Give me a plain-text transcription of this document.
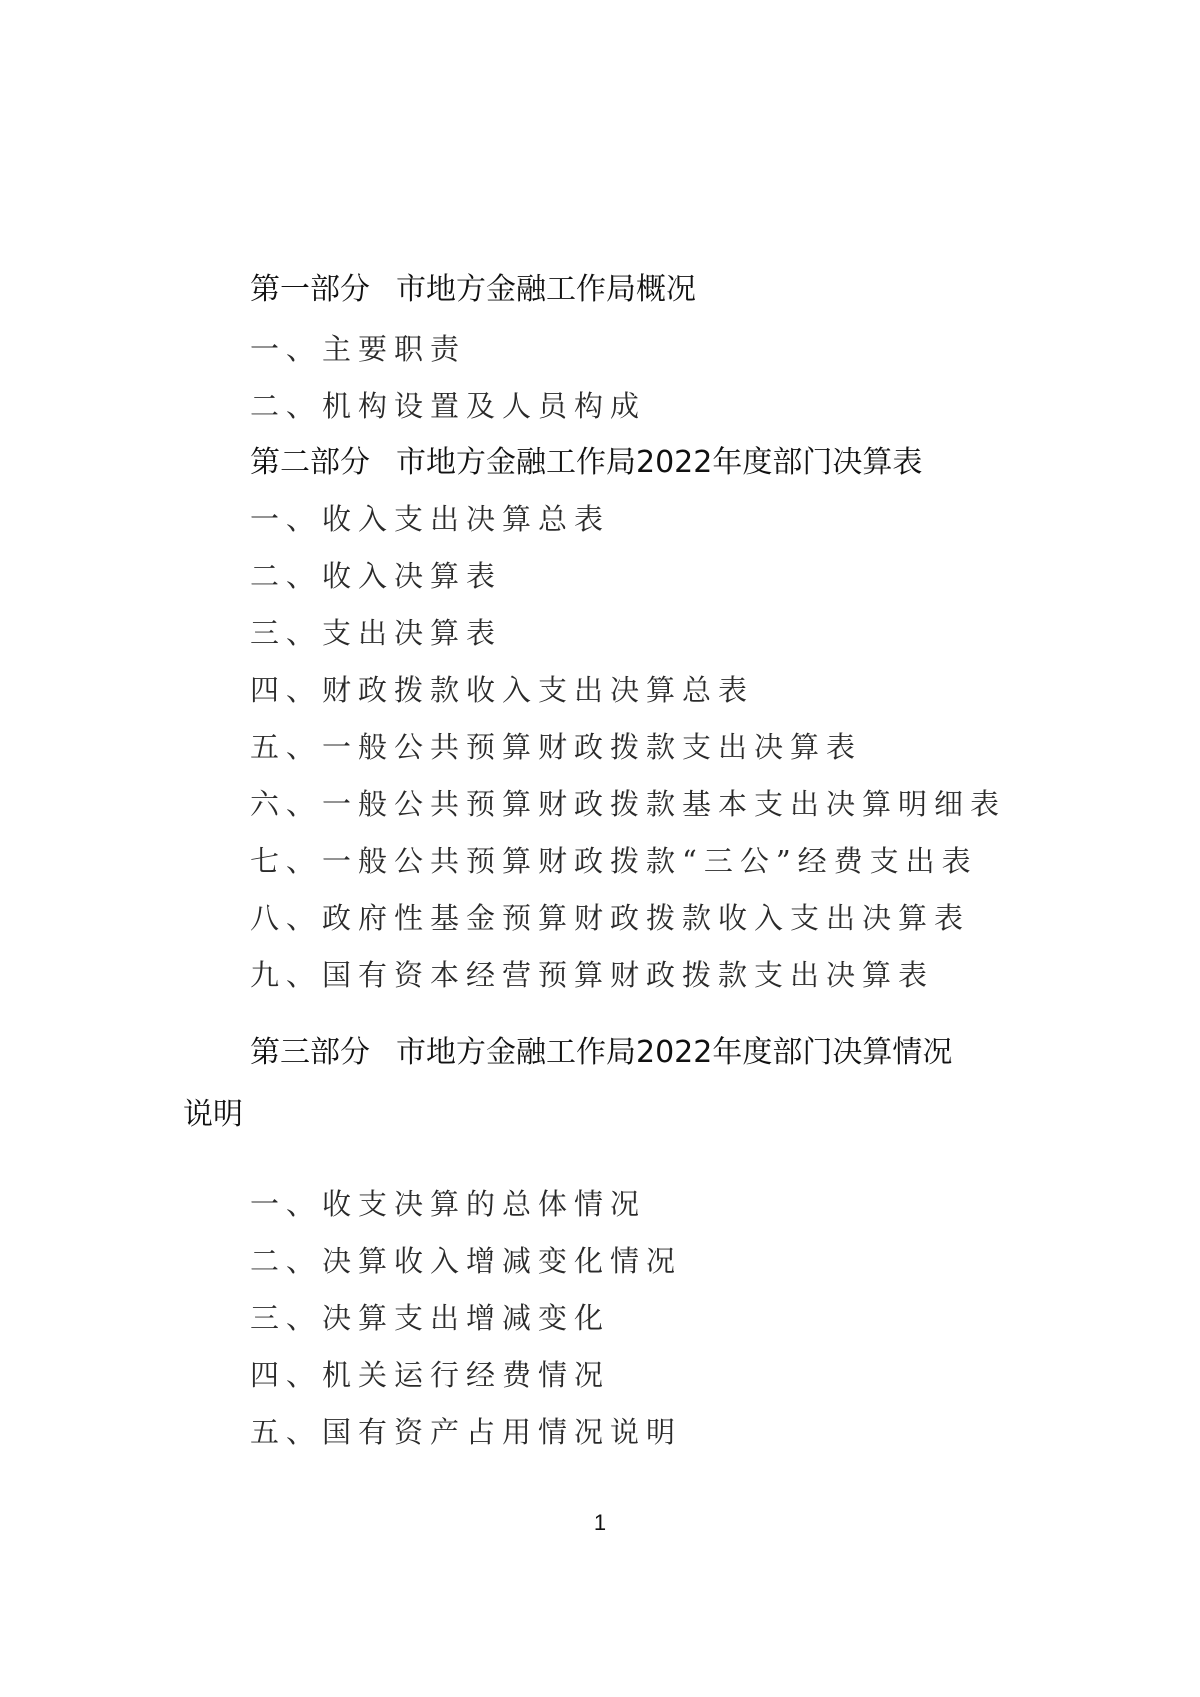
第一部分 市地方金融工作局概况
一、主要职责
二、机构设置及人员构成
第二部分 市地方金融工作局2022年度部门决算表
一、收入支出决算总表
二、收入决算表
三、支出决算表
四、财政拨款收入支出决算总表
五、一般公共预算财政拨款支出决算表
六、一般公共预算财政拨款基本支出决算明细表
七、一般公共预算财政拨款“三公”经费支出表
八、政府性基金预算财政拨款收入支出决算表
九、国有资本经营预算财政拨款支出决算表
第三部分 市地方金融工作局2022年度部门决算情况
说明
一、收支决算的总体情况
二、决算收入增减变化情况
三、决算支出增减变化
四、机关运行经费情况
五、国有资产占用情况说明
1
